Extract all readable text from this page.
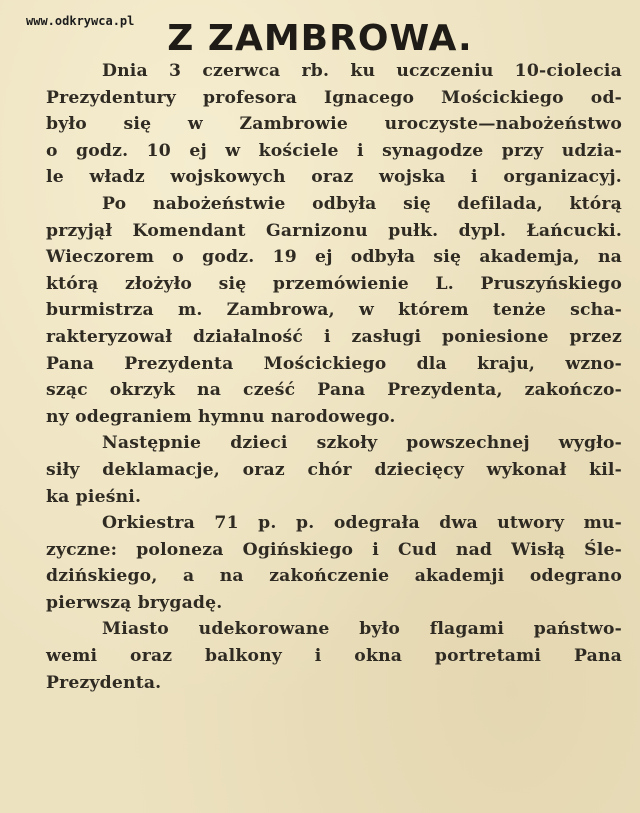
www.odkrywca.pl Z ZAMBROWA.
Dnia 3 czerwca rb. ku uczczeniu 10-ciolecia
Prezydentury profesora Ignacego Mościckiego od-
było się w Zambrowie uroczyste—nabożeństwo
o godz. 10 ej w kościele i synagodze przy udzia-
le władz wojskowych oraz wojska i organizacyj.
Po nabożeństwie odbyła się defilada, którą
przyjął Komendant Garnizonu pułk. dypl. Łańcucki.
Wieczorem o godz. 19 ej odbyła się akademja, na
którą złożyło się przemówienie L. Pruszyńskiego
burmistrza m. Zambrowa, w którem tenże scha-
rakteryzował działalność i zasługi poniesione przez
Pana Prezydenta Mościckiego dla kraju, wzno-
sząc okrzyk na cześć Pana Prezydenta, zakończo-
ny odegraniem hymnu narodowego.
Następnie dzieci szkoły powszechnej wygło-
siły deklamacje, oraz chór dziecięcy wykonał kil-
ka pieśni.
Orkiestra 71 p. p. odegrała dwa utwory mu-
zyczne: poloneza Ogińskiego i Cud nad Wisłą Śle-
dzińskiego, a na zakończenie akademji odegrano
pierwszą brygadę.
Miasto udekorowane było flagami państwo-
wemi oraz balkony i okna portretami Pana
Prezydenta.
